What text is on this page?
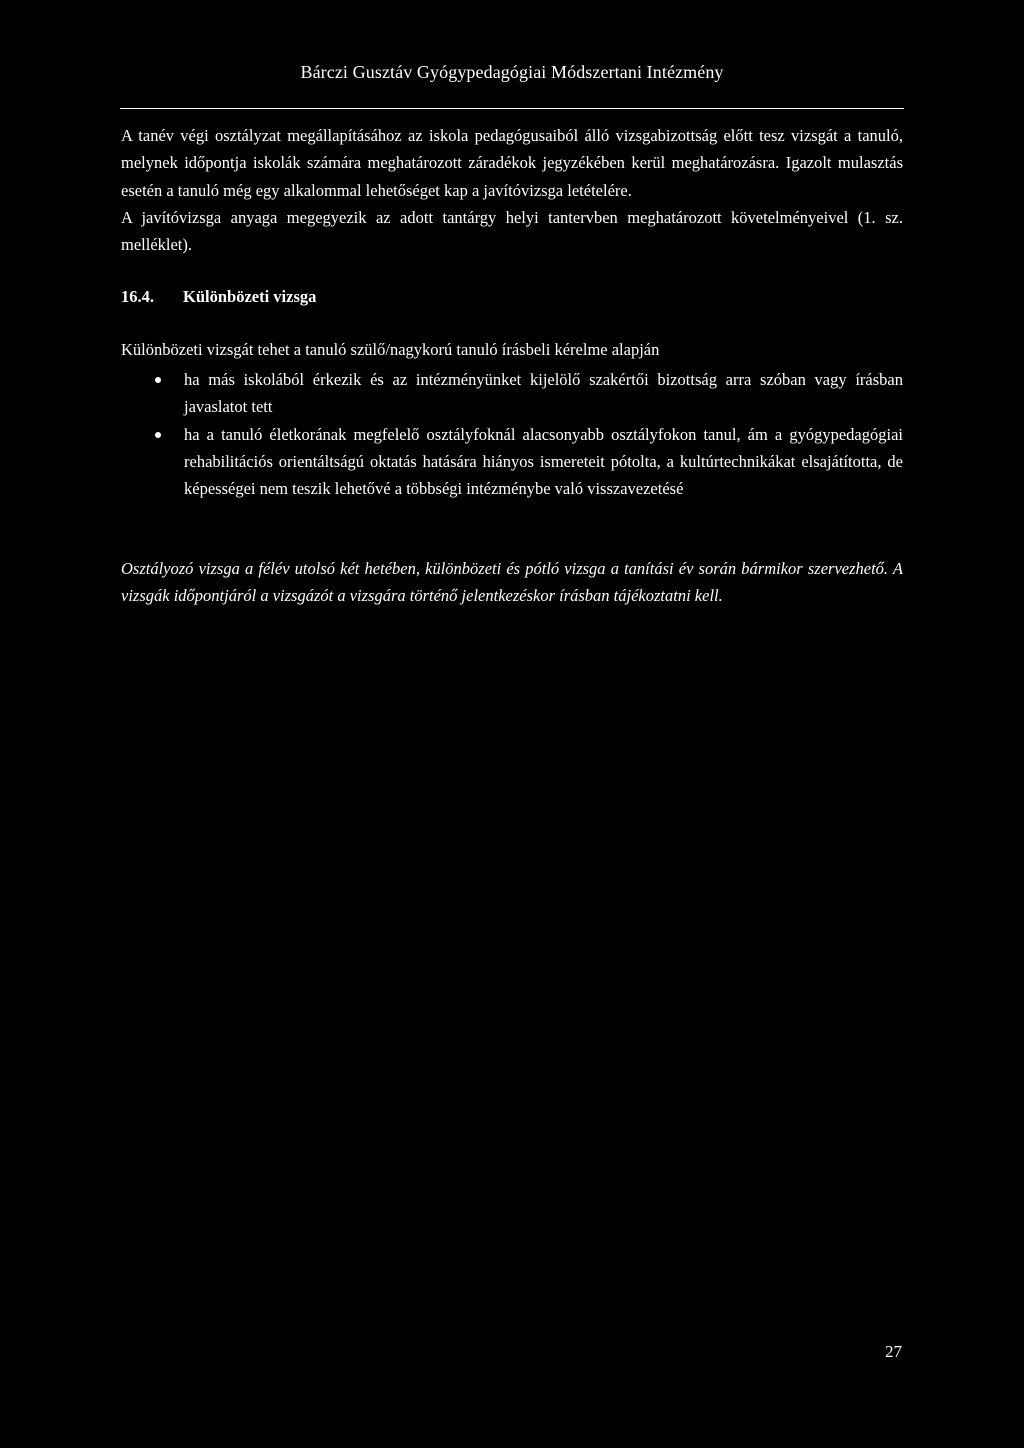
Bárczi Gusztáv Gyógypedagógiai Módszertani Intézmény

A tanév végi osztályzat megállapításához az iskola pedagógusaiból álló vizsgabizottság előtt tesz vizsgát a tanuló, melynek időpontja iskolák számára meghatározott záradékok jegyzékében kerül meghatározásra. Igazolt mulasztás esetén a tanuló még egy alkalommal lehetőséget kap a javítóvizsga letételére.

A javítóvizsga anyaga megegyezik az adott tantárgy helyi tantervben meghatározott követelményeivel (1. sz. melléklet).

16.4. Különbözeti vizsga

Különbözeti vizsgát tehet a tanuló szülő/nagykorú tanuló írásbeli kérelme alapján

ha más iskolából érkezik és az intézményünket kijelölő szakértői bizottság arra szóban vagy írásban javaslatot tett
ha a tanuló életkorának megfelelő osztályfoknál alacsonyabb osztályfokon tanul, ám a gyógypedagógiai rehabilitációs orientáltságú oktatás hatására hiányos ismereteit pótolta, a kultúrtechnikákat elsajátította, de képességei nem teszik lehetővé a többségi intézménybe való visszavezetésé

Osztályozó vizsga a félév utolsó két hetében, különbözeti és pótló vizsga a tanítási év során bármikor szervezhető. A vizsgák időpontjáról a vizsgázót a vizsgára történő jelentkezéskor írásban tájékoztatni kell.

27
